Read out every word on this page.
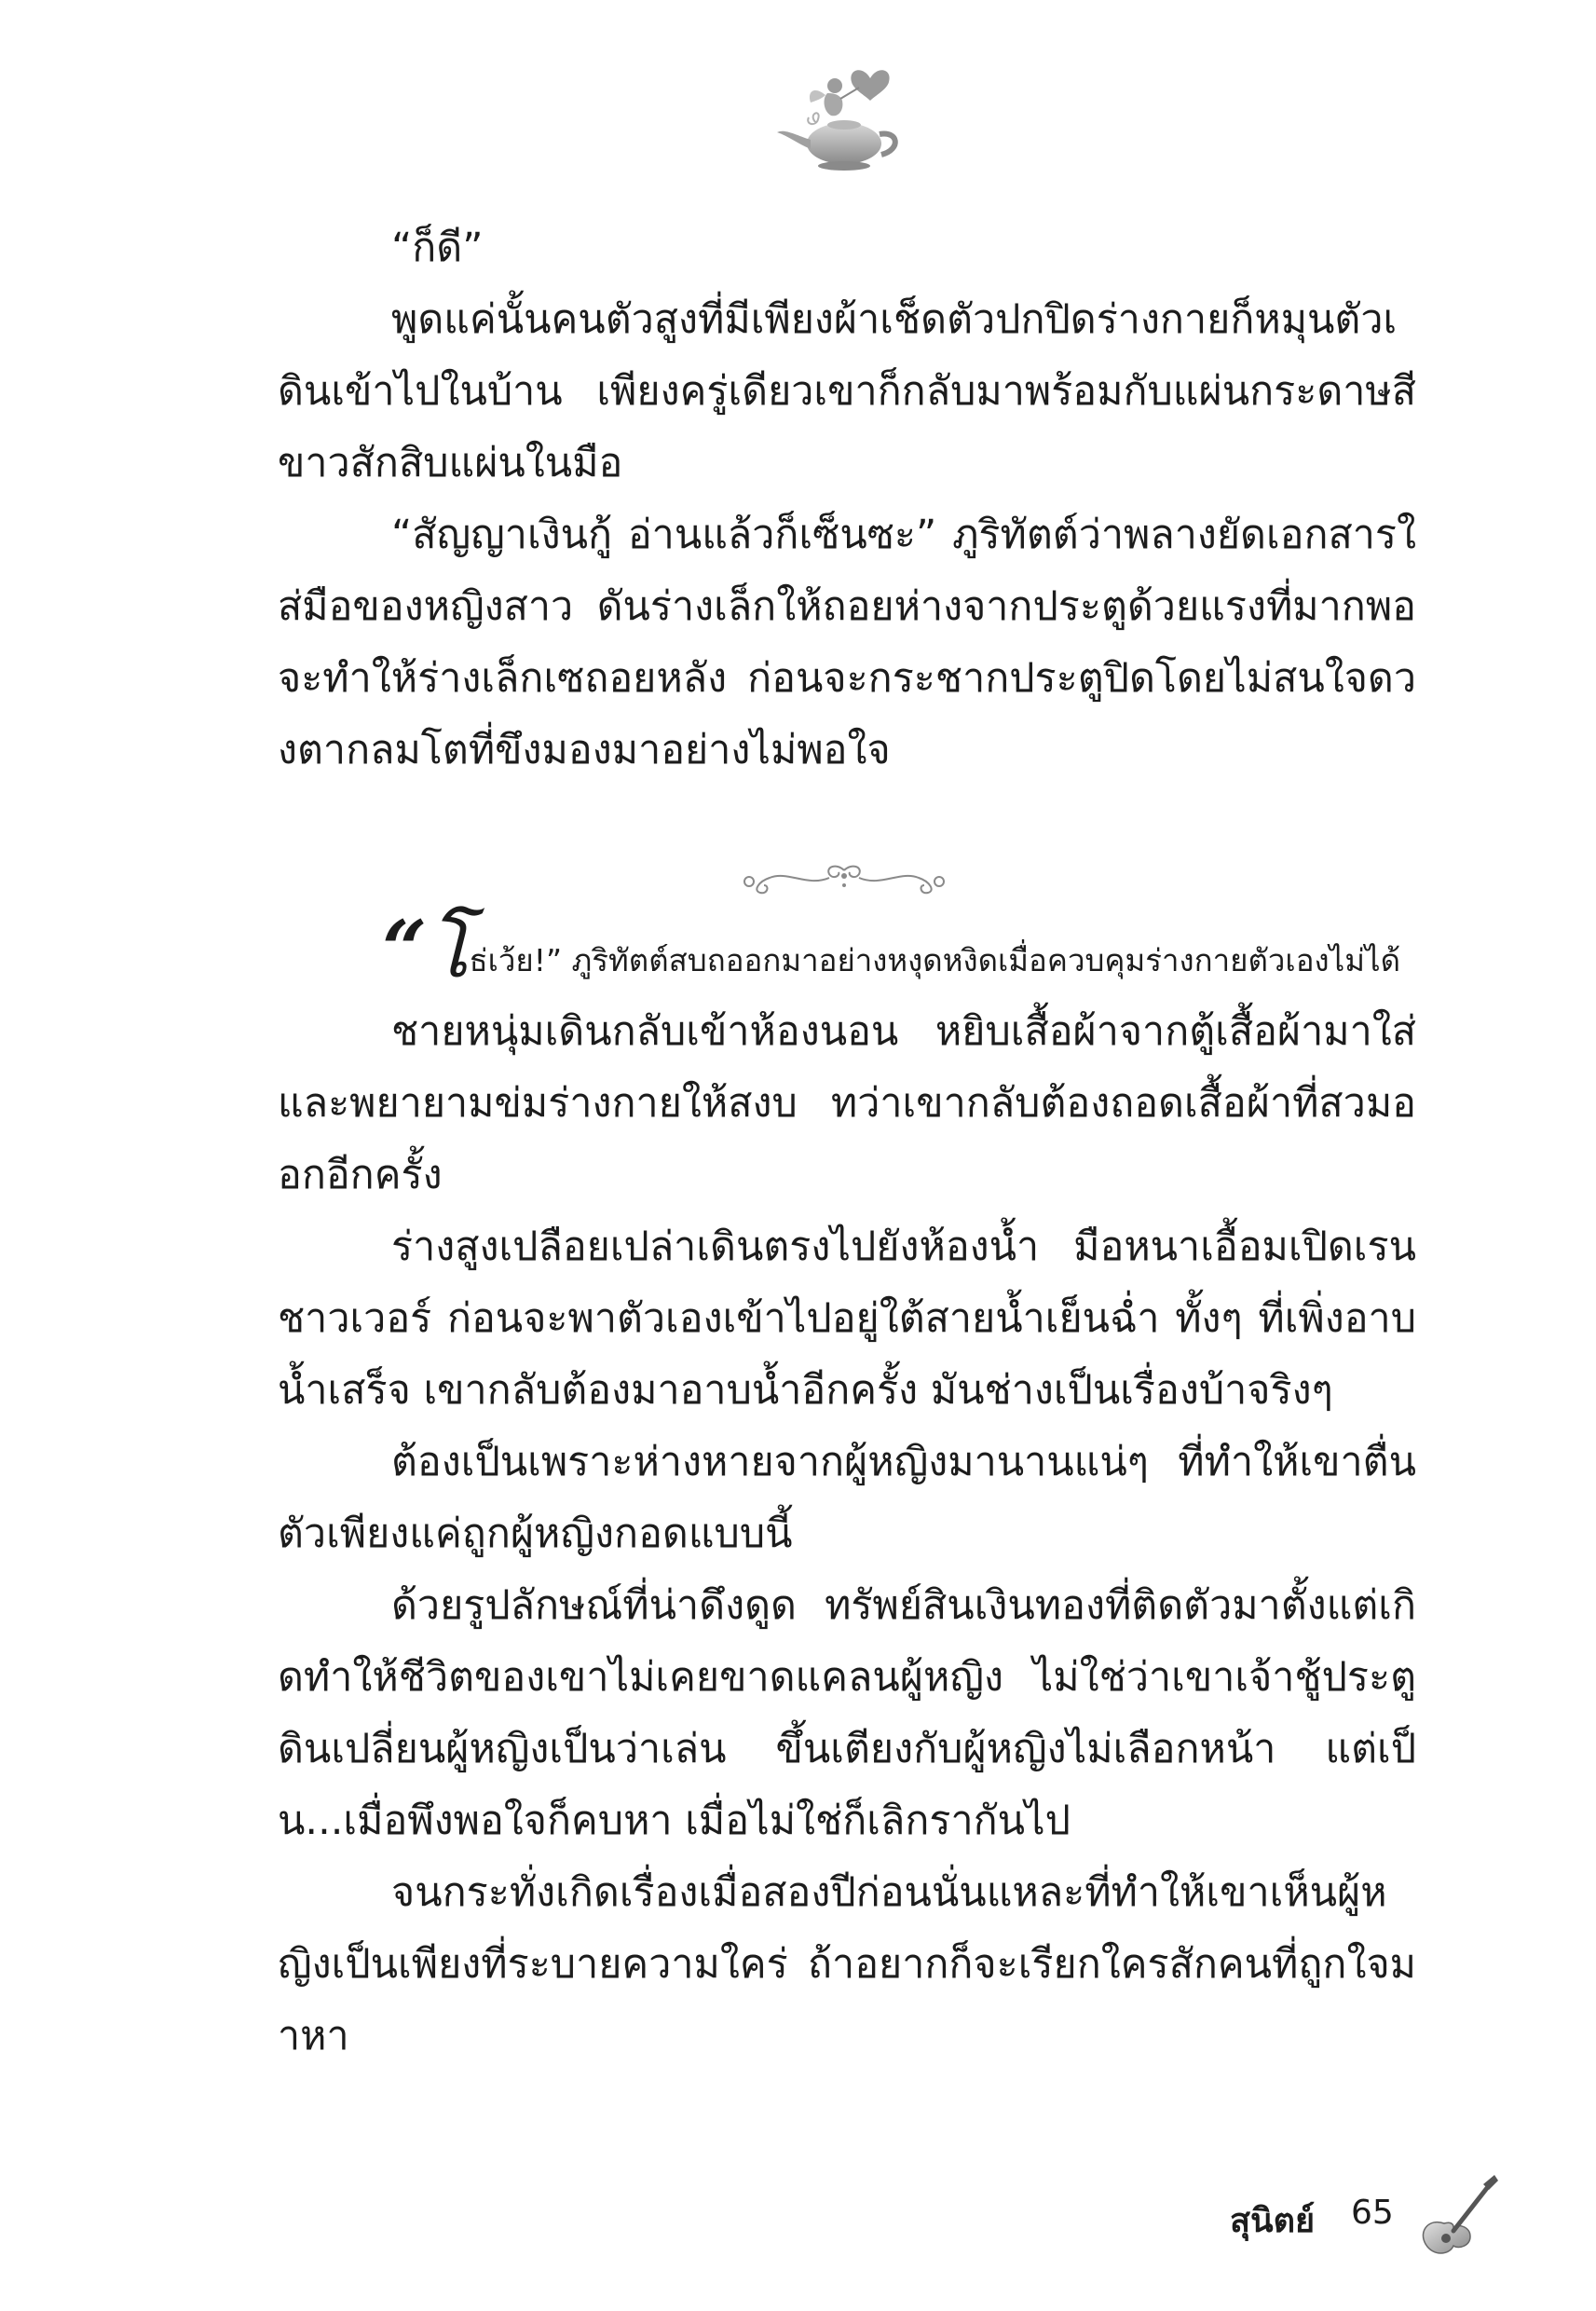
“ก็ดี”

พูดแค่นั้นคนตัวสูงที่มีเพียงผ้าเช็ดตัวปกปิดร่างกายก็หมุนตัวเดินเข้าไปในบ้าน เพียงครู่เดียวเขาก็กลับมาพร้อมกับแผ่นกระดาษสีขาวสักสิบแผ่นในมือ

“สัญญาเงินกู้ อ่านแล้วก็เซ็นซะ” ภูริทัตต์ว่าพลางยัดเอกสารใส่มือของหญิงสาว ดันร่างเล็กให้ถอยห่างจากประตูด้วยแรงที่มากพอจะทำให้ร่างเล็กเซถอยหลัง ก่อนจะกระชากประตูปิดโดยไม่สนใจดวงตากลมโตที่ขึงมองมาอย่างไม่พอใจ

“โธ่เว้ย!” ภูริทัตต์สบถออกมาอย่างหงุดหงิดเมื่อควบคุมร่างกายตัวเองไม่ได้

ชายหนุ่มเดินกลับเข้าห้องนอน หยิบเสื้อผ้าจากตู้เสื้อผ้ามาใส่และพยายามข่มร่างกายให้สงบ ทว่าเขากลับต้องถอดเสื้อผ้าที่สวมออกอีกครั้ง

ร่างสูงเปลือยเปล่าเดินตรงไปยังห้องน้ำ มือหนาเอื้อมเปิดเรนชาวเวอร์ ก่อนจะพาตัวเองเข้าไปอยู่ใต้สายน้ำเย็นฉ่ำ ทั้งๆ ที่เพิ่งอาบน้ำเสร็จ เขากลับต้องมาอาบน้ำอีกครั้ง มันช่างเป็นเรื่องบ้าจริงๆ

ต้องเป็นเพราะห่างหายจากผู้หญิงมานานแน่ๆ ที่ทำให้เขาตื่นตัวเพียงแค่ถูกผู้หญิงกอดแบบนี้

ด้วยรูปลักษณ์ที่น่าดึงดูด ทรัพย์สินเงินทองที่ติดตัวมาตั้งแต่เกิดทำให้ชีวิตของเขาไม่เคยขาดแคลนผู้หญิง ไม่ใช่ว่าเขาเจ้าชู้ประตูดินเปลี่ยนผู้หญิงเป็นว่าเล่น ขึ้นเตียงกับผู้หญิงไม่เลือกหน้า แต่เป็น...เมื่อพึงพอใจก็คบหา เมื่อไม่ใช่ก็เลิกรากันไป

จนกระทั่งเกิดเรื่องเมื่อสองปีก่อนนั่นแหละที่ทำให้เขาเห็นผู้หญิงเป็นเพียงที่ระบายความใคร่ ถ้าอยากก็จะเรียกใครสักคนที่ถูกใจมาหา

สุนิตย์ 65
